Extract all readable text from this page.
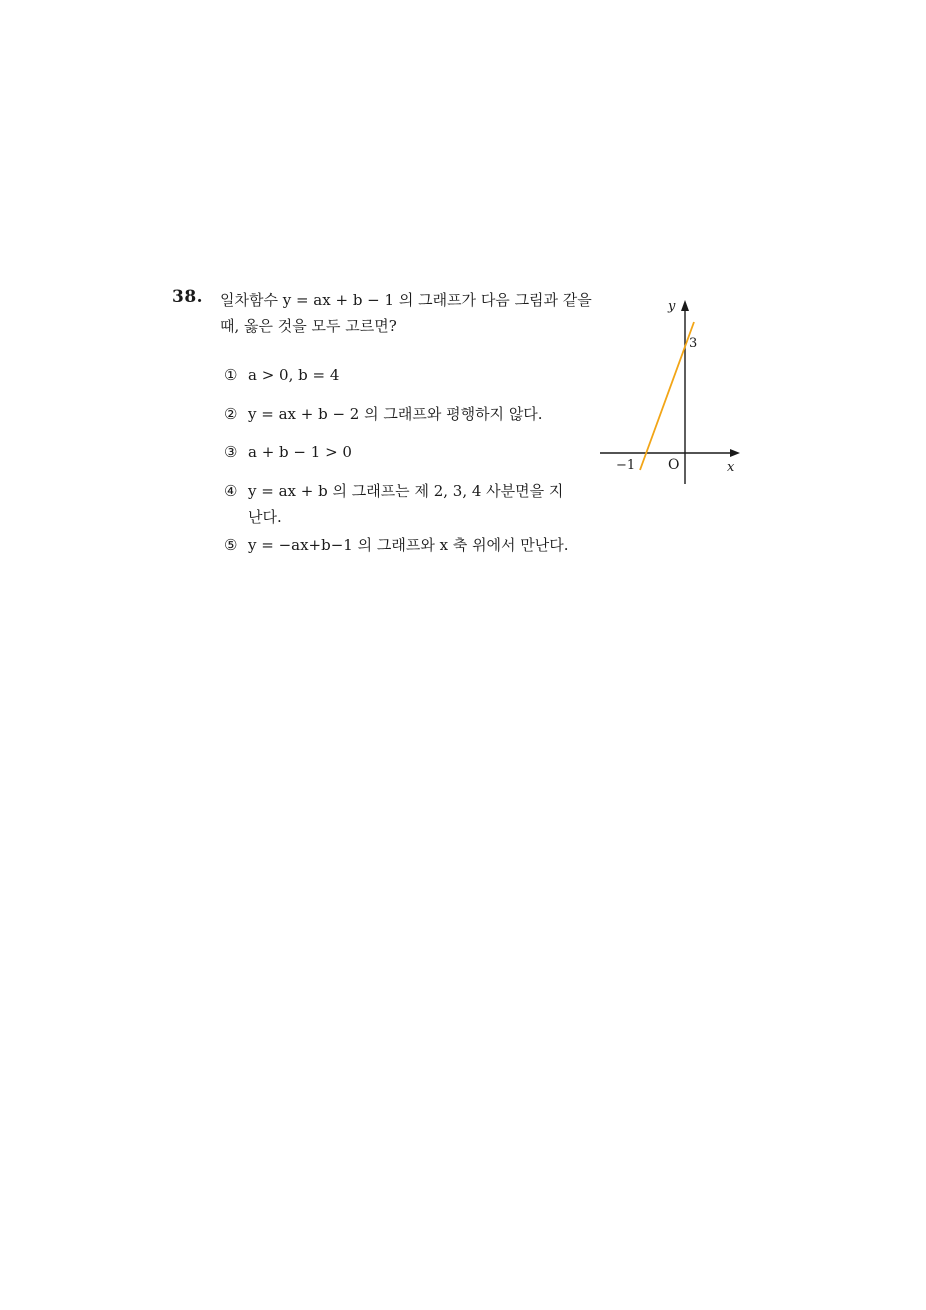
38. 일차함수 y = ax + b − 1 의 그래프가 다음 그림과 같을
때, 옳은 것을 모두 고르면?
① a > 0, b = 4
② y = ax + b − 2 의 그래프와 평행하지 않다.
③ a + b − 1 > 0
④ y = ax + b 의 그래프는 제 2, 3, 4 사분면을 지
난다.
⑤ y = −ax+b−1 의 그래프와 x 축 위에서 만난다.
y
x
O
−1
3
